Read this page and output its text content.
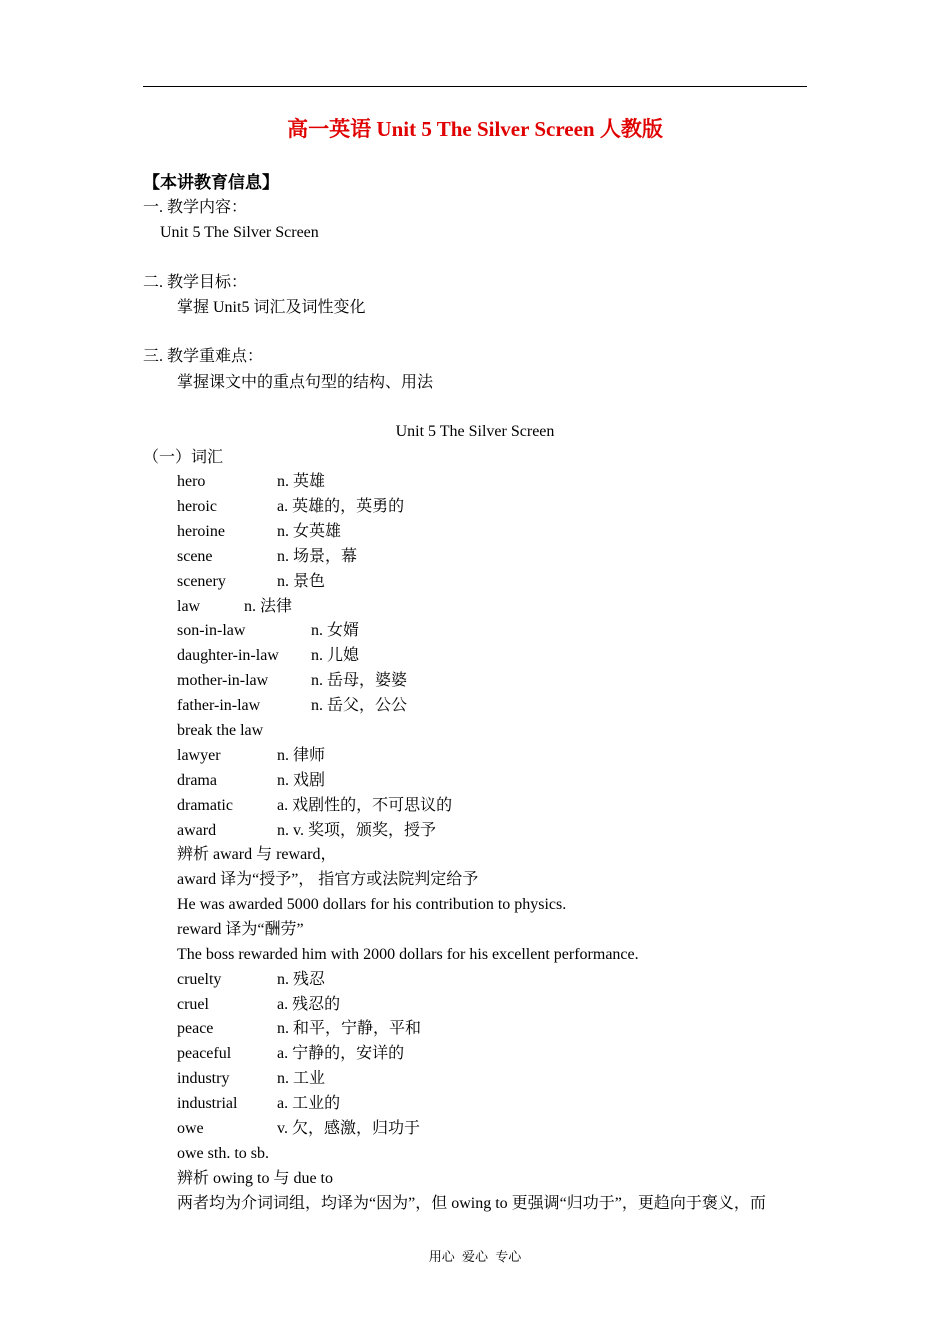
高一英语 Unit 5 The Silver Screen 人教版
【本讲教育信息】
一. 教学内容：
Unit 5 The Silver Screen
二. 教学目标：
掌握 Unit5 词汇及词性变化
三. 教学重难点：
掌握课文中的重点句型的结构、用法
Unit 5 The Silver Screen
（一）词汇
hero	n. 英雄
heroic	a. 英雄的，英勇的
heroine	n. 女英雄
scene	n. 场景，幕
scenery	n. 景色
law	n. 法律
son-in-law	n. 女婿
daughter-in-law n. 儿媳
mother-in-law	n. 岳母，婆婆
father-in-law	n. 岳父，公公
break the law
lawyer	n. 律师
drama	n. 戏剧
dramatic	a. 戏剧性的，不可思议的
award	n. v. 奖项，颁奖，授予
辨析 award 与 reward，
award 译为“授予”， 指官方或法院判定给予
He was awarded 5000 dollars for his contribution to physics.
reward 译为“酬劳”
The boss rewarded him with 2000 dollars for his excellent performance.
cruelty	n. 残忍
cruel	a. 残忍的
peace	n. 和平，宁静，平和
peaceful	a. 宁静的，安详的
industry	n. 工业
industrial a. 工业的
owe	v. 欠，感激，归功于
owe sth. to sb.
辨析 owing to 与 due to
两者均为介词词组，均译为“因为”，但 owing to 更强调“归功于”，更趋向于褒义，而
用心 爱心 专心
